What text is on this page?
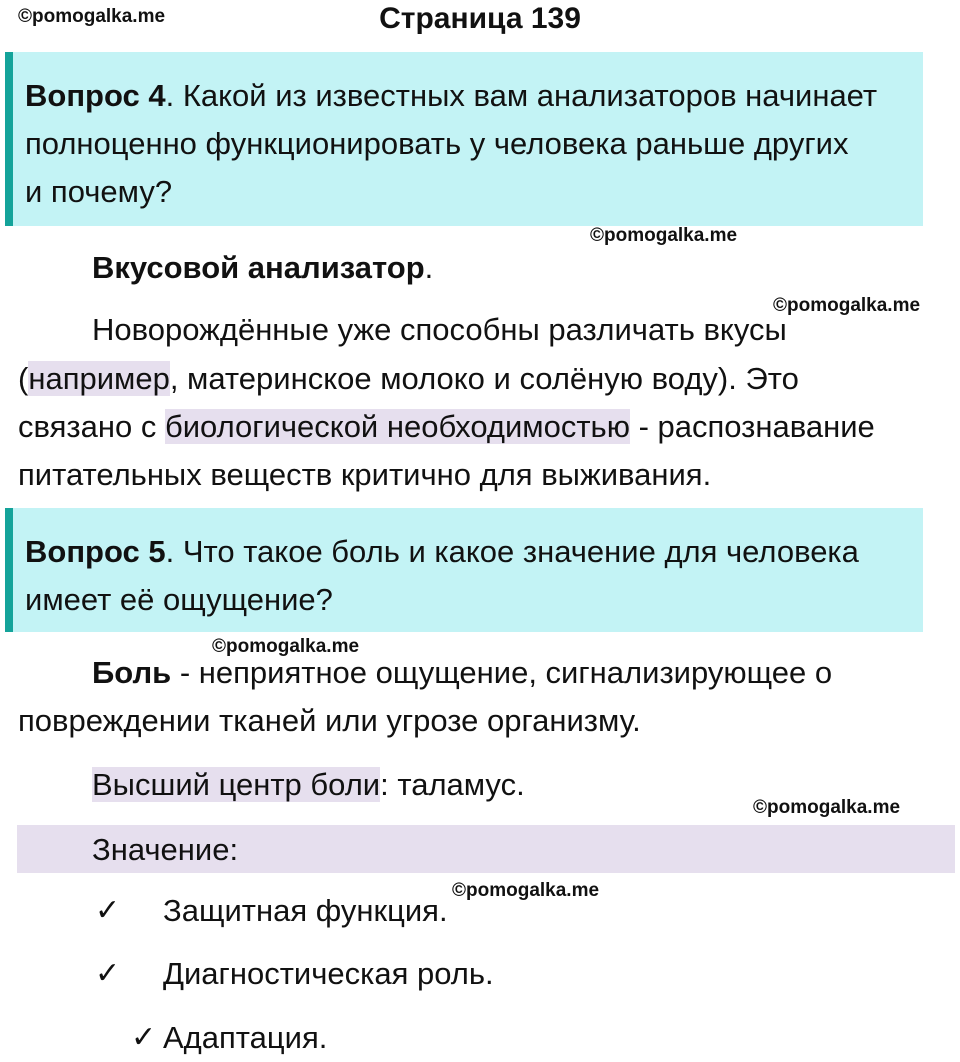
©pomogalka.me	Страница 139
Вопрос 4. Какой из известных вам анализаторов начинает
полноценно функционировать у человека раньше других
и почему?
©pomogalka.me
Вкусовой анализатор.
©pomogalka.me
Новорождённые уже способны различать вкусы
(например, материнское молоко и солёную воду). Это
связано с биологической необходимостью - распознавание
питательных веществ критично для выживания.
Вопрос 5. Что такое боль и какое значение для человека
имеет её ощущение?
©pomogalka.me
Боль - неприятное ощущение, сигнализирующее о
повреждении тканей или угрозе организму.
Высший центр боли: таламус.
©pomogalka.me
Значение:
©pomogalka.me
✓ Защитная функция.
✓ Диагностическая роль.
✓ Адаптация.
